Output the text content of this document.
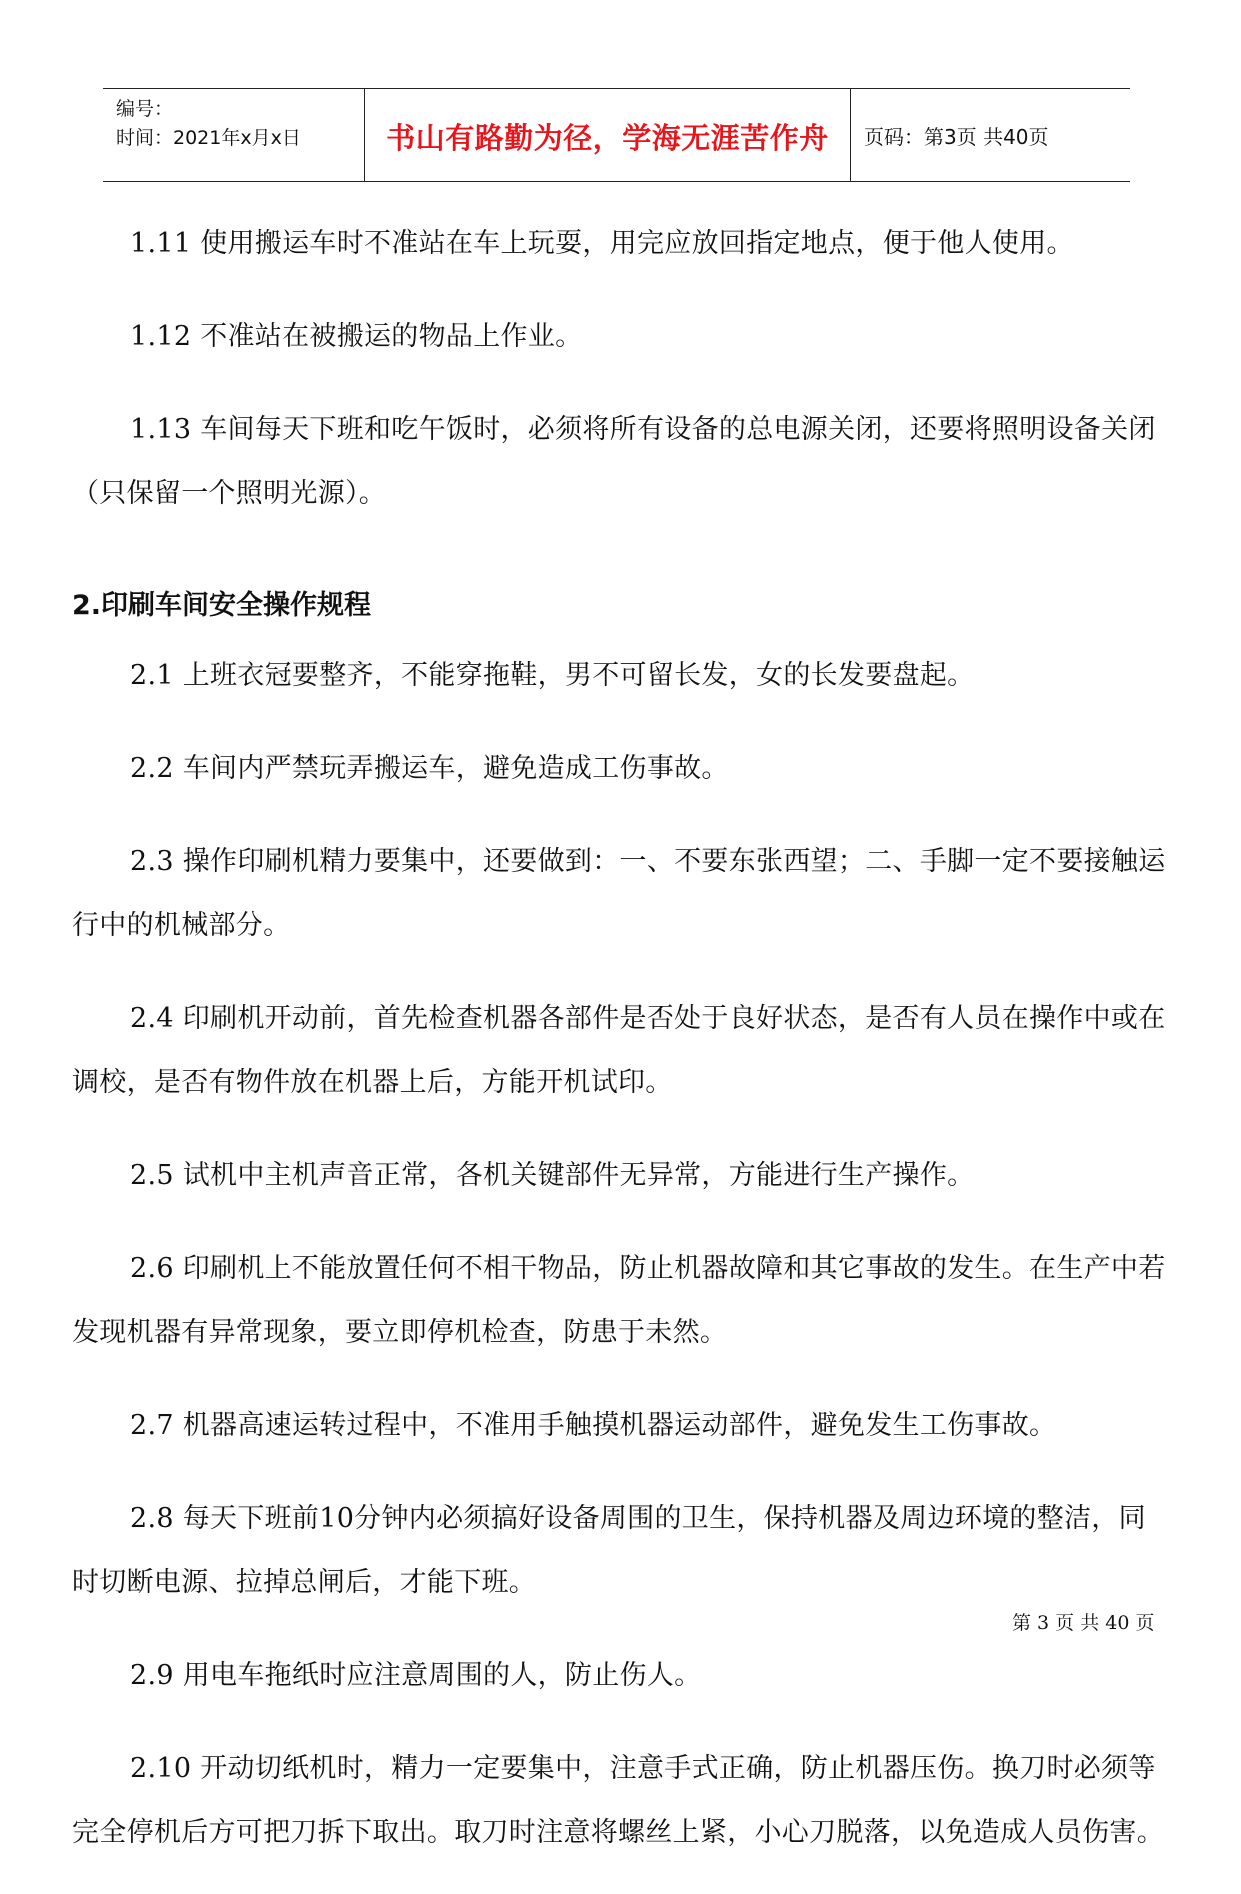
编号：
时间：2021年x月x日	书山有路勤为径，学海无涯苦作舟 页码：第3页 共40页

1.11 使用搬运车时不准站在车上玩耍，用完应放回指定地点，便于他人使用。

1.12 不准站在被搬运的物品上作业。

1.13 车间每天下班和吃午饭时，必须将所有设备的总电源关闭，还要将照明设备关闭（只保留一个照明光源）。

2.印刷车间安全操作规程

2.1 上班衣冠要整齐，不能穿拖鞋，男不可留长发，女的长发要盘起。

2.2 车间内严禁玩弄搬运车，避免造成工伤事故。

2.3 操作印刷机精力要集中，还要做到：一、不要东张西望；二、手脚一定不要接触运行中的机械部分。

2.4 印刷机开动前，首先检查机器各部件是否处于良好状态，是否有人员在操作中或在调校，是否有物件放在机器上后，方能开机试印。

2.5 试机中主机声音正常，各机关键部件无异常，方能进行生产操作。

2.6 印刷机上不能放置任何不相干物品，防止机器故障和其它事故的发生。在生产中若发现机器有异常现象，要立即停机检查，防患于未然。

2.7 机器高速运转过程中，不准用手触摸机器运动部件，避免发生工伤事故。

2.8 每天下班前10分钟内必须搞好设备周围的卫生，保持机器及周边环境的整洁，同时切断电源、拉掉总闸后，才能下班。

2.9 用电车拖纸时应注意周围的人，防止伤人。

2.10 开动切纸机时，精力一定要集中，注意手式正确，防止机器压伤。换刀时必须等完全停机后方可把刀拆下取出。取刀时注意将螺丝上紧，小心刀脱落，以免造成人员伤害。

第 3 页 共 40 页
